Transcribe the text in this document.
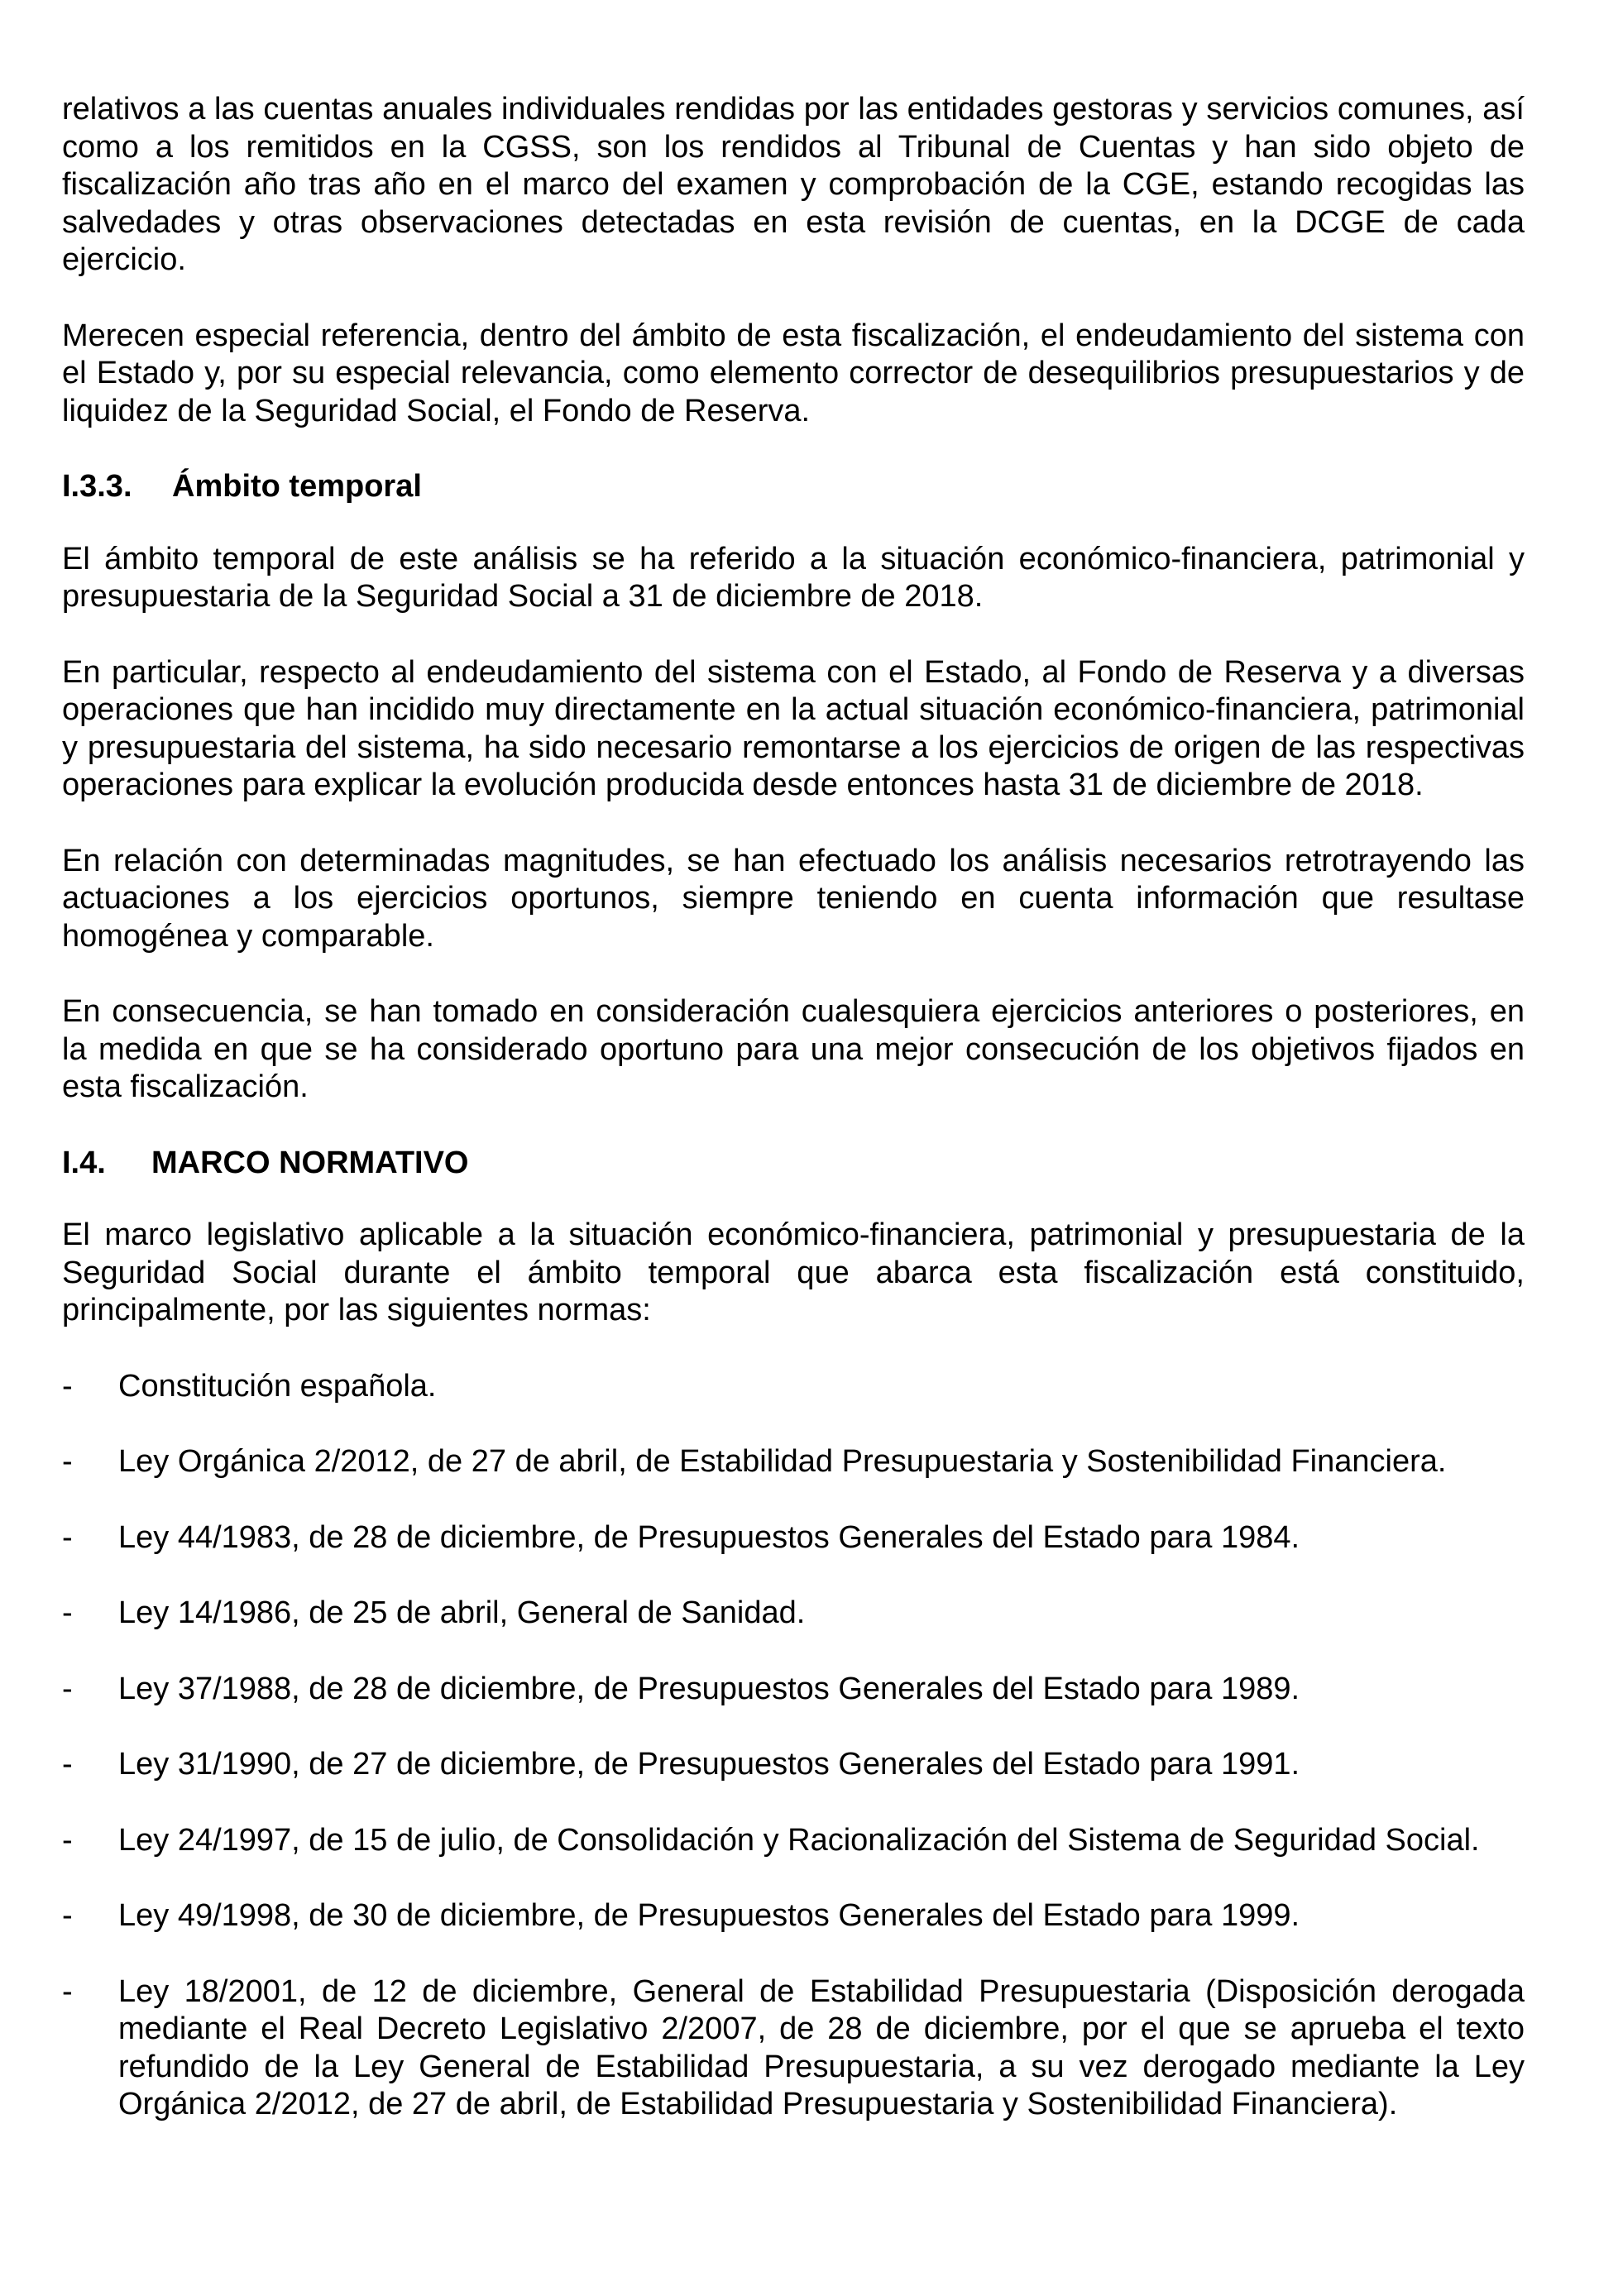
relativos a las cuentas anuales individuales rendidas por las entidades gestoras y servicios comunes, así como a los remitidos en la CGSS, son los rendidos al Tribunal de Cuentas y han sido objeto de fiscalización año tras año en el marco del examen y comprobación de la CGE, estando recogidas las salvedades y otras observaciones detectadas en esta revisión de cuentas, en la DCGE de cada ejercicio.

Merecen especial referencia, dentro del ámbito de esta fiscalización, el endeudamiento del sistema con el Estado y, por su especial relevancia, como elemento corrector de desequilibrios presupuestarios y de liquidez de la Seguridad Social, el Fondo de Reserva.

I.3.3.	Ámbito temporal

El ámbito temporal de este análisis se ha referido a la situación económico-financiera, patrimonial y presupuestaria de la Seguridad Social a 31 de diciembre de 2018.

En particular, respecto al endeudamiento del sistema con el Estado, al Fondo de Reserva y a diversas operaciones que han incidido muy directamente en la actual situación económico-financiera, patrimonial y presupuestaria del sistema, ha sido necesario remontarse a los ejercicios de origen de las respectivas operaciones para explicar la evolución producida desde entonces hasta 31 de diciembre de 2018.

En relación con determinadas magnitudes, se han efectuado los análisis necesarios retrotrayendo las actuaciones a los ejercicios oportunos, siempre teniendo en cuenta información que resultase homogénea y comparable.

En consecuencia, se han tomado en consideración cualesquiera ejercicios anteriores o posteriores, en la medida en que se ha considerado oportuno para una mejor consecución de los objetivos fijados en esta fiscalización.

I.4.	MARCO NORMATIVO

El marco legislativo aplicable a la situación económico-financiera, patrimonial y presupuestaria de la Seguridad Social durante el ámbito temporal que abarca esta fiscalización está constituido, principalmente, por las siguientes normas:

-	Constitución española.
-	Ley Orgánica 2/2012, de 27 de abril, de Estabilidad Presupuestaria y Sostenibilidad Financiera.
-	Ley 44/1983, de 28 de diciembre, de Presupuestos Generales del Estado para 1984.
-	Ley 14/1986, de 25 de abril, General de Sanidad.
-	Ley 37/1988, de 28 de diciembre, de Presupuestos Generales del Estado para 1989.
-	Ley 31/1990, de 27 de diciembre, de Presupuestos Generales del Estado para 1991.
-	Ley 24/1997, de 15 de julio, de Consolidación y Racionalización del Sistema de Seguridad Social.
-	Ley 49/1998, de 30 de diciembre, de Presupuestos Generales del Estado para 1999.
-	Ley 18/2001, de 12 de diciembre, General de Estabilidad Presupuestaria (Disposición derogada mediante el Real Decreto Legislativo 2/2007, de 28 de diciembre, por el que se aprueba el texto refundido de la Ley General de Estabilidad Presupuestaria, a su vez derogado mediante la Ley Orgánica 2/2012, de 27 de abril, de Estabilidad Presupuestaria y Sostenibilidad Financiera).
